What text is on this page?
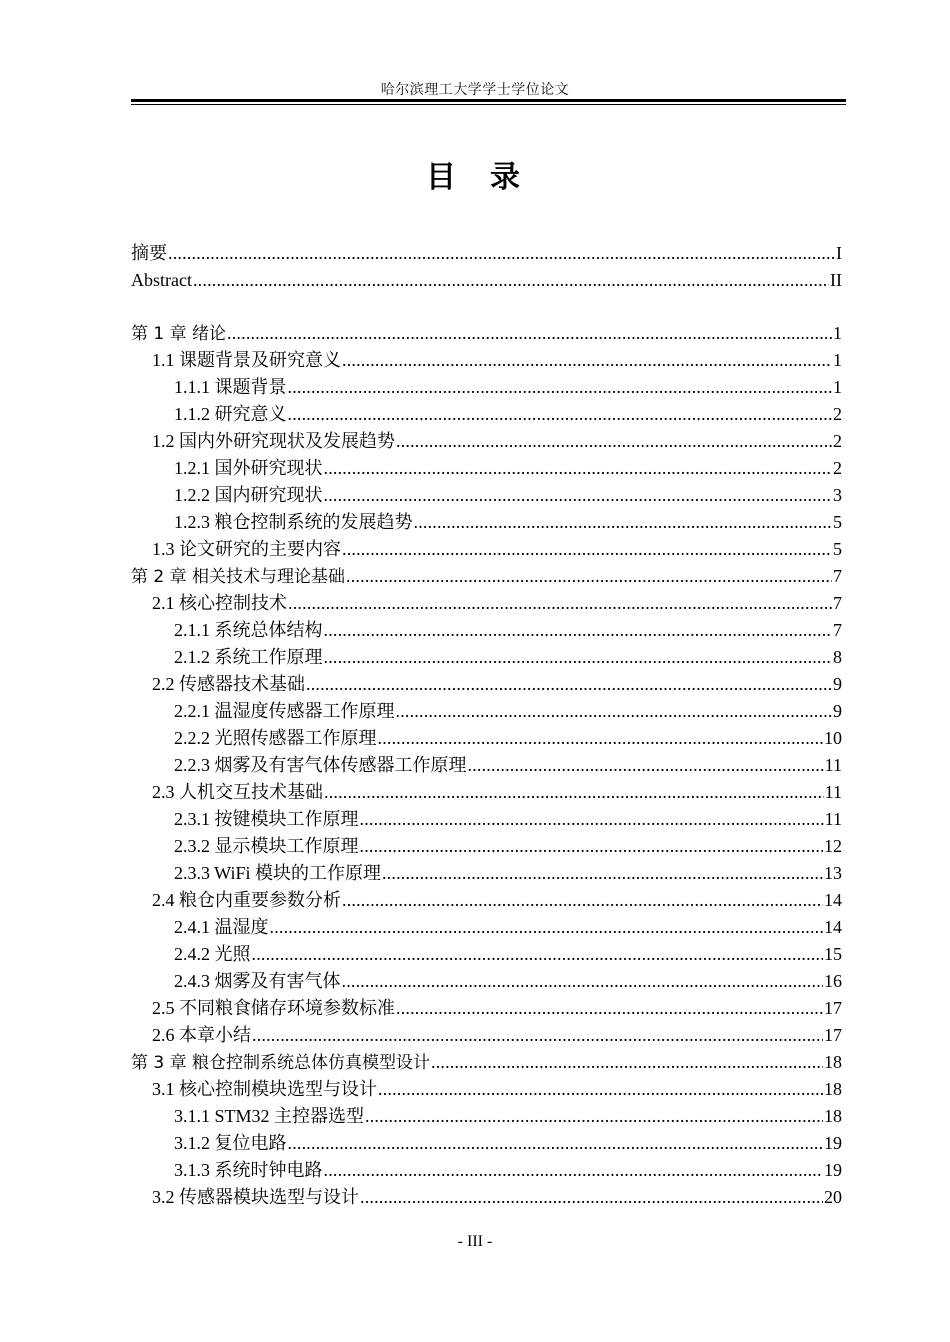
哈尔滨理工大学学士学位论文
目 录
摘要 .....	I
Abstract .....	II
第 1 章 绪论 .....	1
1.1 课题背景及研究意义 .....	1
1.1.1 课题背景 .....	1
1.1.2 研究意义 .....	2
1.2 国内外研究现状及发展趋势 .....	2
1.2.1 国外研究现状 .....	2
1.2.2 国内研究现状 .....	3
1.2.3 粮仓控制系统的发展趋势 .....	5
1.3 论文研究的主要内容 .....	5
第 2 章 相关技术与理论基础 .....	7
2.1 核心控制技术 .....	7
2.1.1 系统总体结构 .....	7
2.1.2 系统工作原理 .....	8
2.2 传感器技术基础 .....	9
2.2.1 温湿度传感器工作原理 .....	9
2.2.2 光照传感器工作原理 .....	10
2.2.3 烟雾及有害气体传感器工作原理 .....	11
2.3 人机交互技术基础 .....	11
2.3.1 按键模块工作原理 .....	11
2.3.2 显示模块工作原理 .....	12
2.3.3 WiFi 模块的工作原理 .....	13
2.4 粮仓内重要参数分析 .....	14
2.4.1 温湿度 .....	14
2.4.2 光照 .....	15
2.4.3 烟雾及有害气体 .....	16
2.5 不同粮食储存环境参数标准 .....	17
2.6 本章小结 .....	17
第 3 章 粮仓控制系统总体仿真模型设计 .....	18
3.1 核心控制模块选型与设计 .....	18
3.1.1 STM32 主控器选型 .....	18
3.1.2 复位电路 .....	19
3.1.3 系统时钟电路 .....	19
3.2 传感器模块选型与设计 .....	20
- III -
